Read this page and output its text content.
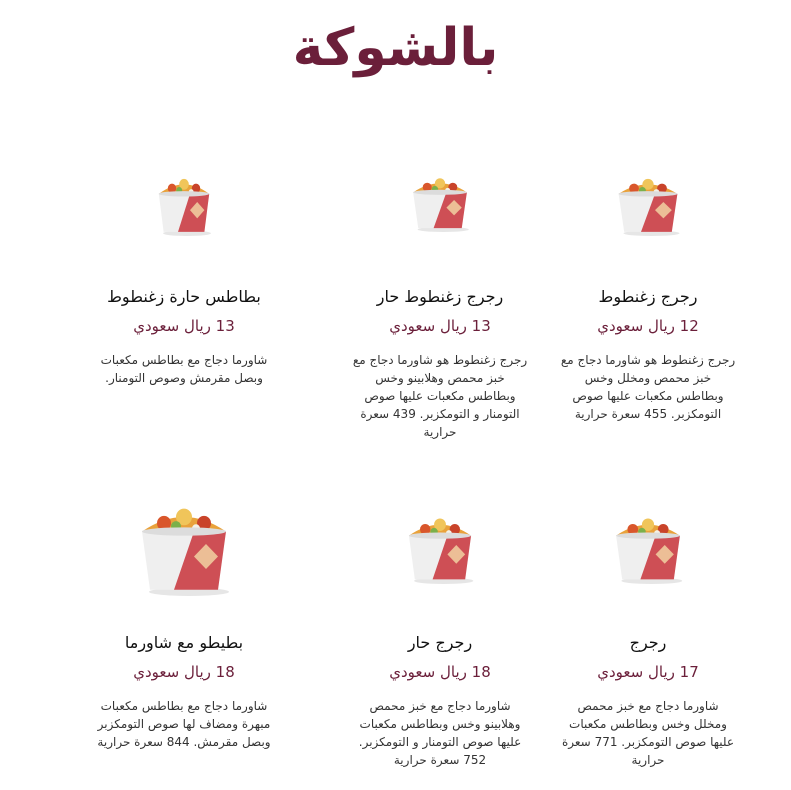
بالشوكة

رجرج زغنطوط

12 ريال سعودي

رجرج زغنطوط هو شاورما دجاج مع خبز محمص ومخلل وخس وبطاطس مكعبات عليها صوص التومكزبر. 455 سعرة حرارية

رجرج زغنطوط حار

13 ريال سعودي

رجرج زغنطوط هو شاورما دجاج مع خبز محمص وهلابينو وخس وبطاطس مكعبات عليها صوص التومنار و التومكزبر. 439 سعرة حرارية

بطاطس حارة زغنطوط

13 ريال سعودي

شاورما دجاج مع بطاطس مكعبات وبصل مقرمش وصوص التومنار.

رجرج

17 ريال سعودي

شاورما دجاج مع خبز محمص ومخلل وخس وبطاطس مكعبات عليها صوص التومكزبر. 771 سعرة حرارية

رجرج حار

18 ريال سعودي

شاورما دجاج مع خبز محمص وهلابينو وخس وبطاطس مكعبات عليها صوص التومنار و التومكزبر. 752 سعرة حرارية

بطيطو مع شاورما

18 ريال سعودي

شاورما دجاج مع بطاطس مكعبات مبهرة ومضاف لها صوص التومكزبر وبصل مقرمش. 844 سعرة حرارية
